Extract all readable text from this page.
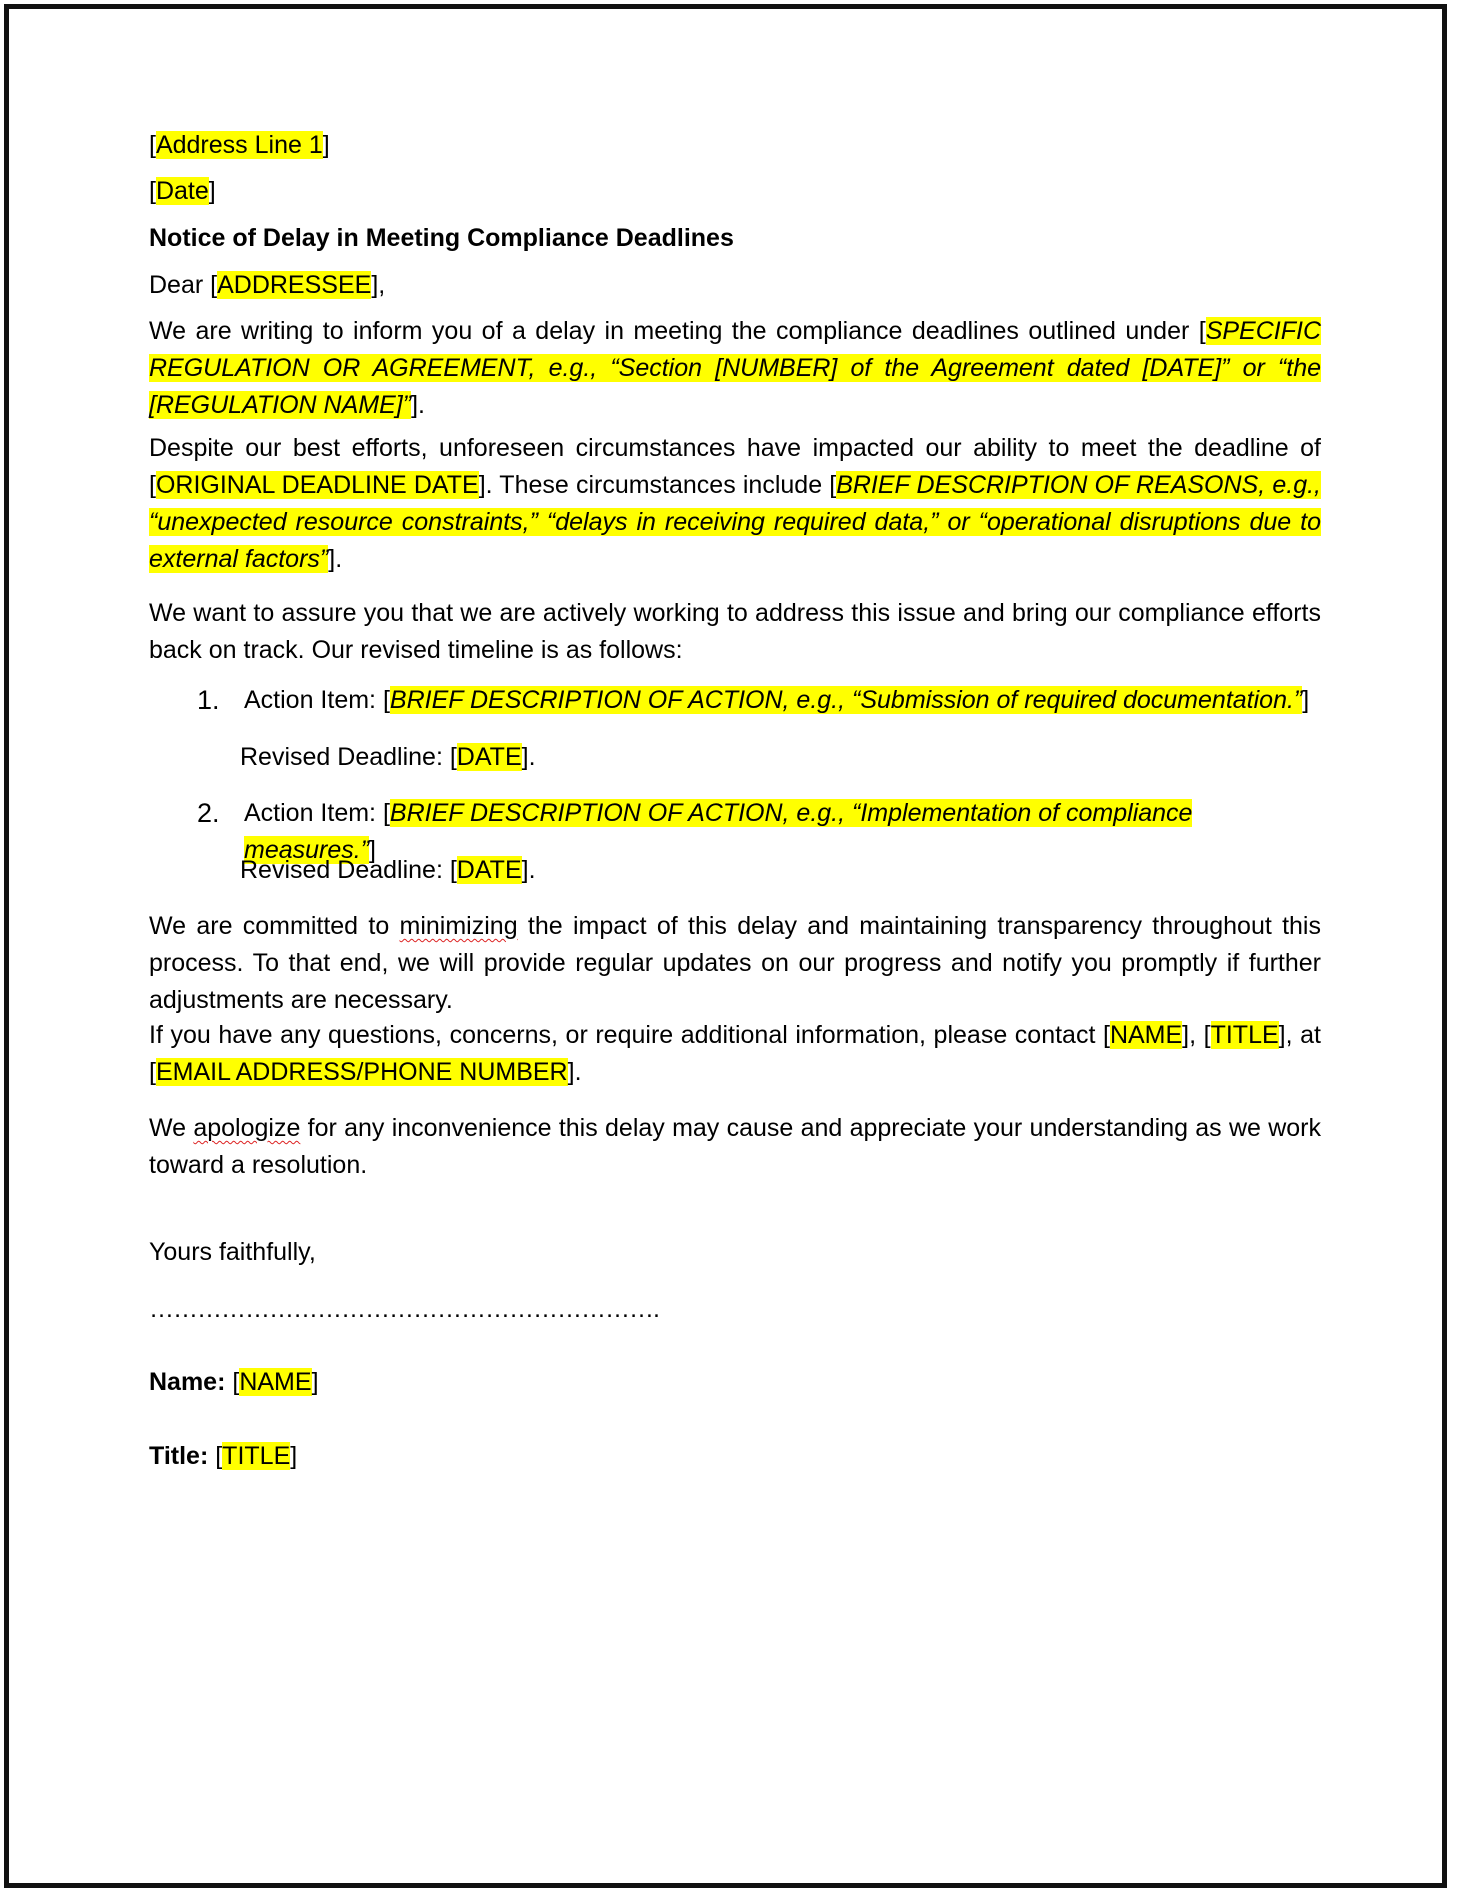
[Address Line 1]

[Date]

Notice of Delay in Meeting Compliance Deadlines

Dear [ADDRESSEE],

We are writing to inform you of a delay in meeting the compliance deadlines outlined under [SPECIFIC REGULATION OR AGREEMENT, e.g., “Section [NUMBER] of the Agreement dated [DATE]” or “the [REGULATION NAME]”].

Despite our best efforts, unforeseen circumstances have impacted our ability to meet the deadline of [ORIGINAL DEADLINE DATE]. These circumstances include [BRIEF DESCRIPTION OF REASONS, e.g., “unexpected resource constraints,” “delays in receiving required data,” or “operational disruptions due to external factors”].

We want to assure you that we are actively working to address this issue and bring our compliance efforts back on track. Our revised timeline is as follows:

1. Action Item: [BRIEF DESCRIPTION OF ACTION, e.g., “Submission of required documentation.”]

Revised Deadline: [DATE].

2. Action Item: [BRIEF DESCRIPTION OF ACTION, e.g., “Implementation of compliance measures.”]

Revised Deadline: [DATE].

We are committed to minimizing the impact of this delay and maintaining transparency throughout this process. To that end, we will provide regular updates on our progress and notify you promptly if further adjustments are necessary.

If you have any questions, concerns, or require additional information, please contact [NAME], [TITLE], at [EMAIL ADDRESS/PHONE NUMBER].

We apologize for any inconvenience this delay may cause and appreciate your understanding as we work toward a resolution.

Yours faithfully,

……………………………………………………….

Name: [NAME]

Title: [TITLE]
